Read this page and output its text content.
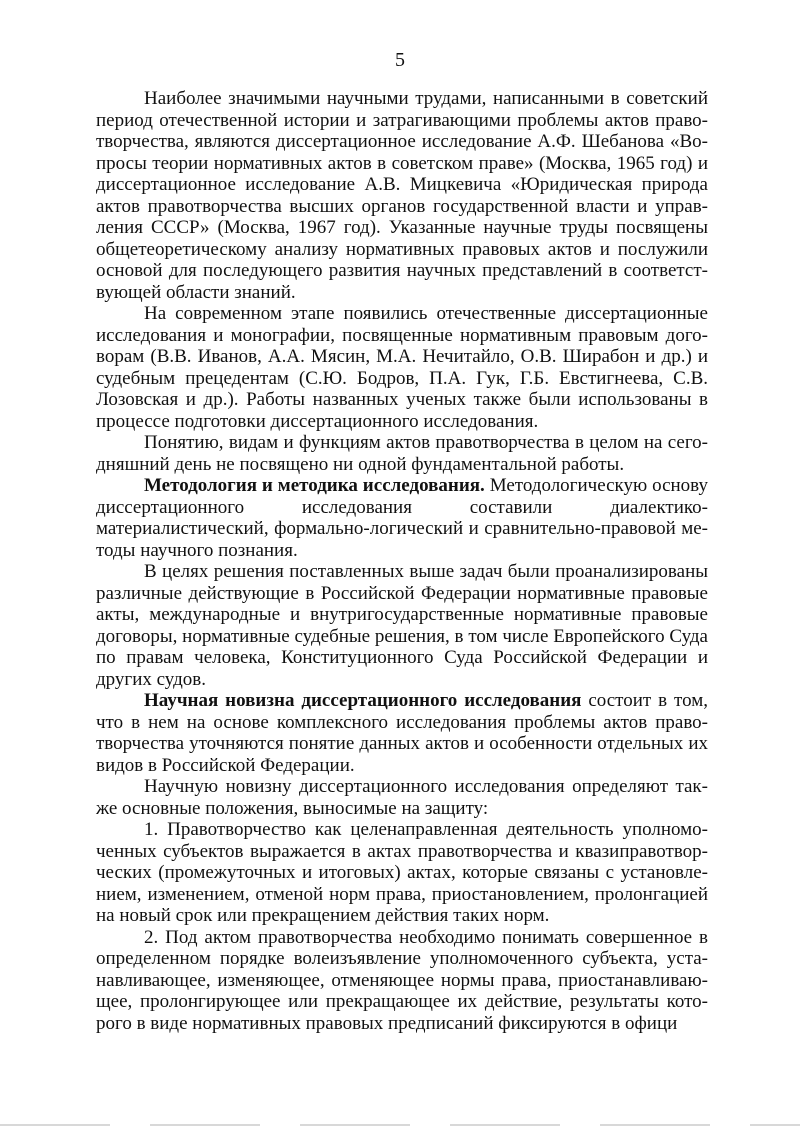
5

Наиболее значимыми научными трудами, написанными в советский период отечественной истории и затрагивающими проблемы актов правотворчества, являются диссертационное исследование А.Ф. Шебанова «Вопросы теории нормативных актов в советском праве» (Москва, 1965 год) и диссертационное исследование А.В. Мицкевича «Юридическая природа актов правотворчества высших органов государственной власти и управления СССР» (Москва, 1967 год). Указанные научные труды посвящены общетеоретическому анализу нормативных правовых актов и послужили основой для последующего развития научных представлений в соответствующей области знаний.

На современном этапе появились отечественные диссертационные исследования и монографии, посвященные нормативным правовым договорам (В.В. Иванов, А.А. Мясин, М.А. Нечитайло, О.В. Ширабон и др.) и судебным прецедентам (С.Ю. Бодров, П.А. Гук, Г.Б. Евстигнеева, С.В. Лозовская и др.). Работы названных ученых также были использованы в процессе подготовки диссертационного исследования.

Понятию, видам и функциям актов правотворчества в целом на сегодняшний день не посвящено ни одной фундаментальной работы.

Методология и методика исследования. Методологическую основу диссертационного исследования составили диалектико-материалистический, формально-логический и сравнительно-правовой методы научного познания.

В целях решения поставленных выше задач были проанализированы различные действующие в Российской Федерации нормативные правовые акты, международные и внутригосударственные нормативные правовые договоры, нормативные судебные решения, в том числе Европейского Суда по правам человека, Конституционного Суда Российской Федерации и других судов.

Научная новизна диссертационного исследования состоит в том, что в нем на основе комплексного исследования проблемы актов правотворчества уточняются понятие данных актов и особенности отдельных их видов в Российской Федерации.

Научную новизну диссертационного исследования определяют также основные положения, выносимые на защиту:

1. Правотворчество как целенаправленная деятельность уполномоченных субъектов выражается в актах правотворчества и квазиправотворческих (промежуточных и итоговых) актах, которые связаны с установлением, изменением, отменой норм права, приостановлением, пролонгацией на новый срок или прекращением действия таких норм.

2. Под актом правотворчества необходимо понимать совершенное в определенном порядке волеизъявление уполномоченного субъекта, устанавливающее, изменяющее, отменяющее нормы права, приостанавливающее, пролонгирующее или прекращающее их действие, результаты которого в виде нормативных правовых предписаний фиксируются в офици
